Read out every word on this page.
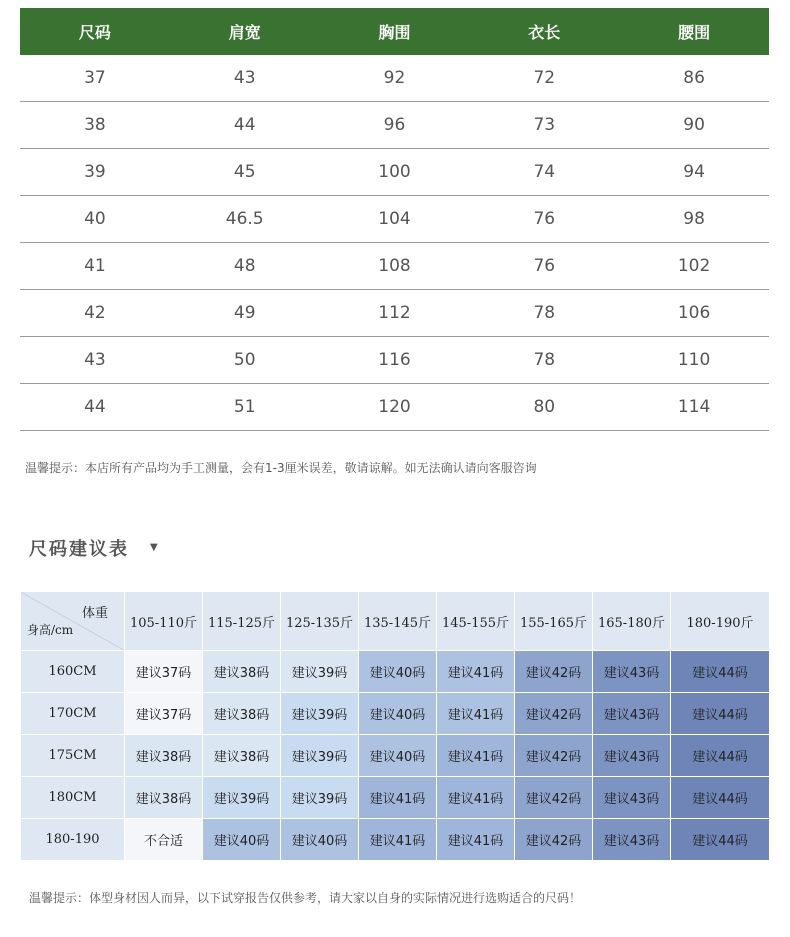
尺码	肩宽	胸围	衣长	腰围
37	43	92	72	86
38	44	96	73	90
39	45	100	74	94
40	46.5	104	76	98
41	48	108	76	102
42	49	112	78	106
43	50	116	78	110
44	51	120	80	114
温馨提示：本店所有产品均为手工测量，会有1-3厘米误差，敬请谅解。如无法确认请向客服咨询
尺码建议表 ▼
体重
身高/cm	105-110斤	115-125斤	125-135斤	135-145斤	145-155斤	155-165斤	165-180斤	180-190斤
160CM	建议37码	建议38码	建议39码	建议40码	建议41码	建议42码	建议43码	建议44码
170CM	建议37码	建议38码	建议39码	建议40码	建议41码	建议42码	建议43码	建议44码
175CM	建议38码	建议38码	建议39码	建议40码	建议41码	建议42码	建议43码	建议44码
180CM	建议38码	建议39码	建议39码	建议41码	建议41码	建议42码	建议43码	建议44码
180-190	不合适	建议40码	建议40码	建议41码	建议41码	建议42码	建议43码	建议44码
温馨提示：体型身材因人而异，以下试穿报告仅供参考，请大家以自身的实际情况进行选购适合的尺码！
